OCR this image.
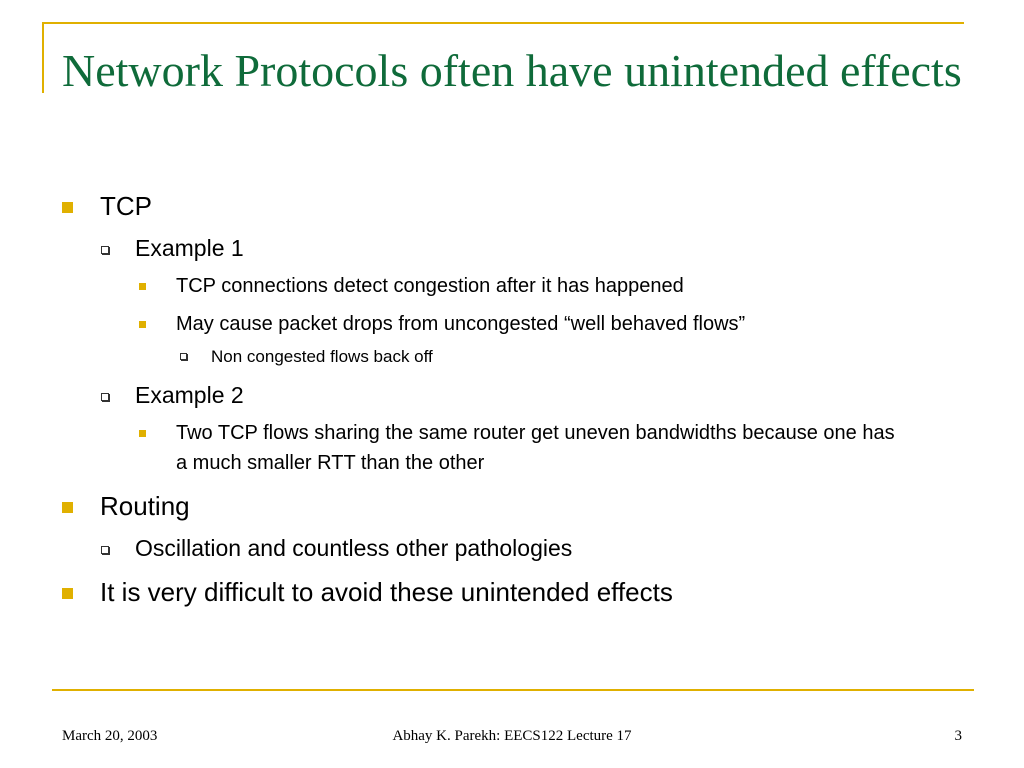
Network Protocols often have unintended effects
TCP
Example 1
TCP connections detect congestion after it has happened
May cause packet drops from uncongested “well behaved flows”
Non congested flows back off
Example 2
Two TCP flows sharing the same router get uneven bandwidths because one has a much smaller RTT than the other
Routing
Oscillation and countless other pathologies
It is very difficult to avoid these unintended effects
March 20, 2003	Abhay K. Parekh: EECS122 Lecture 17	3
